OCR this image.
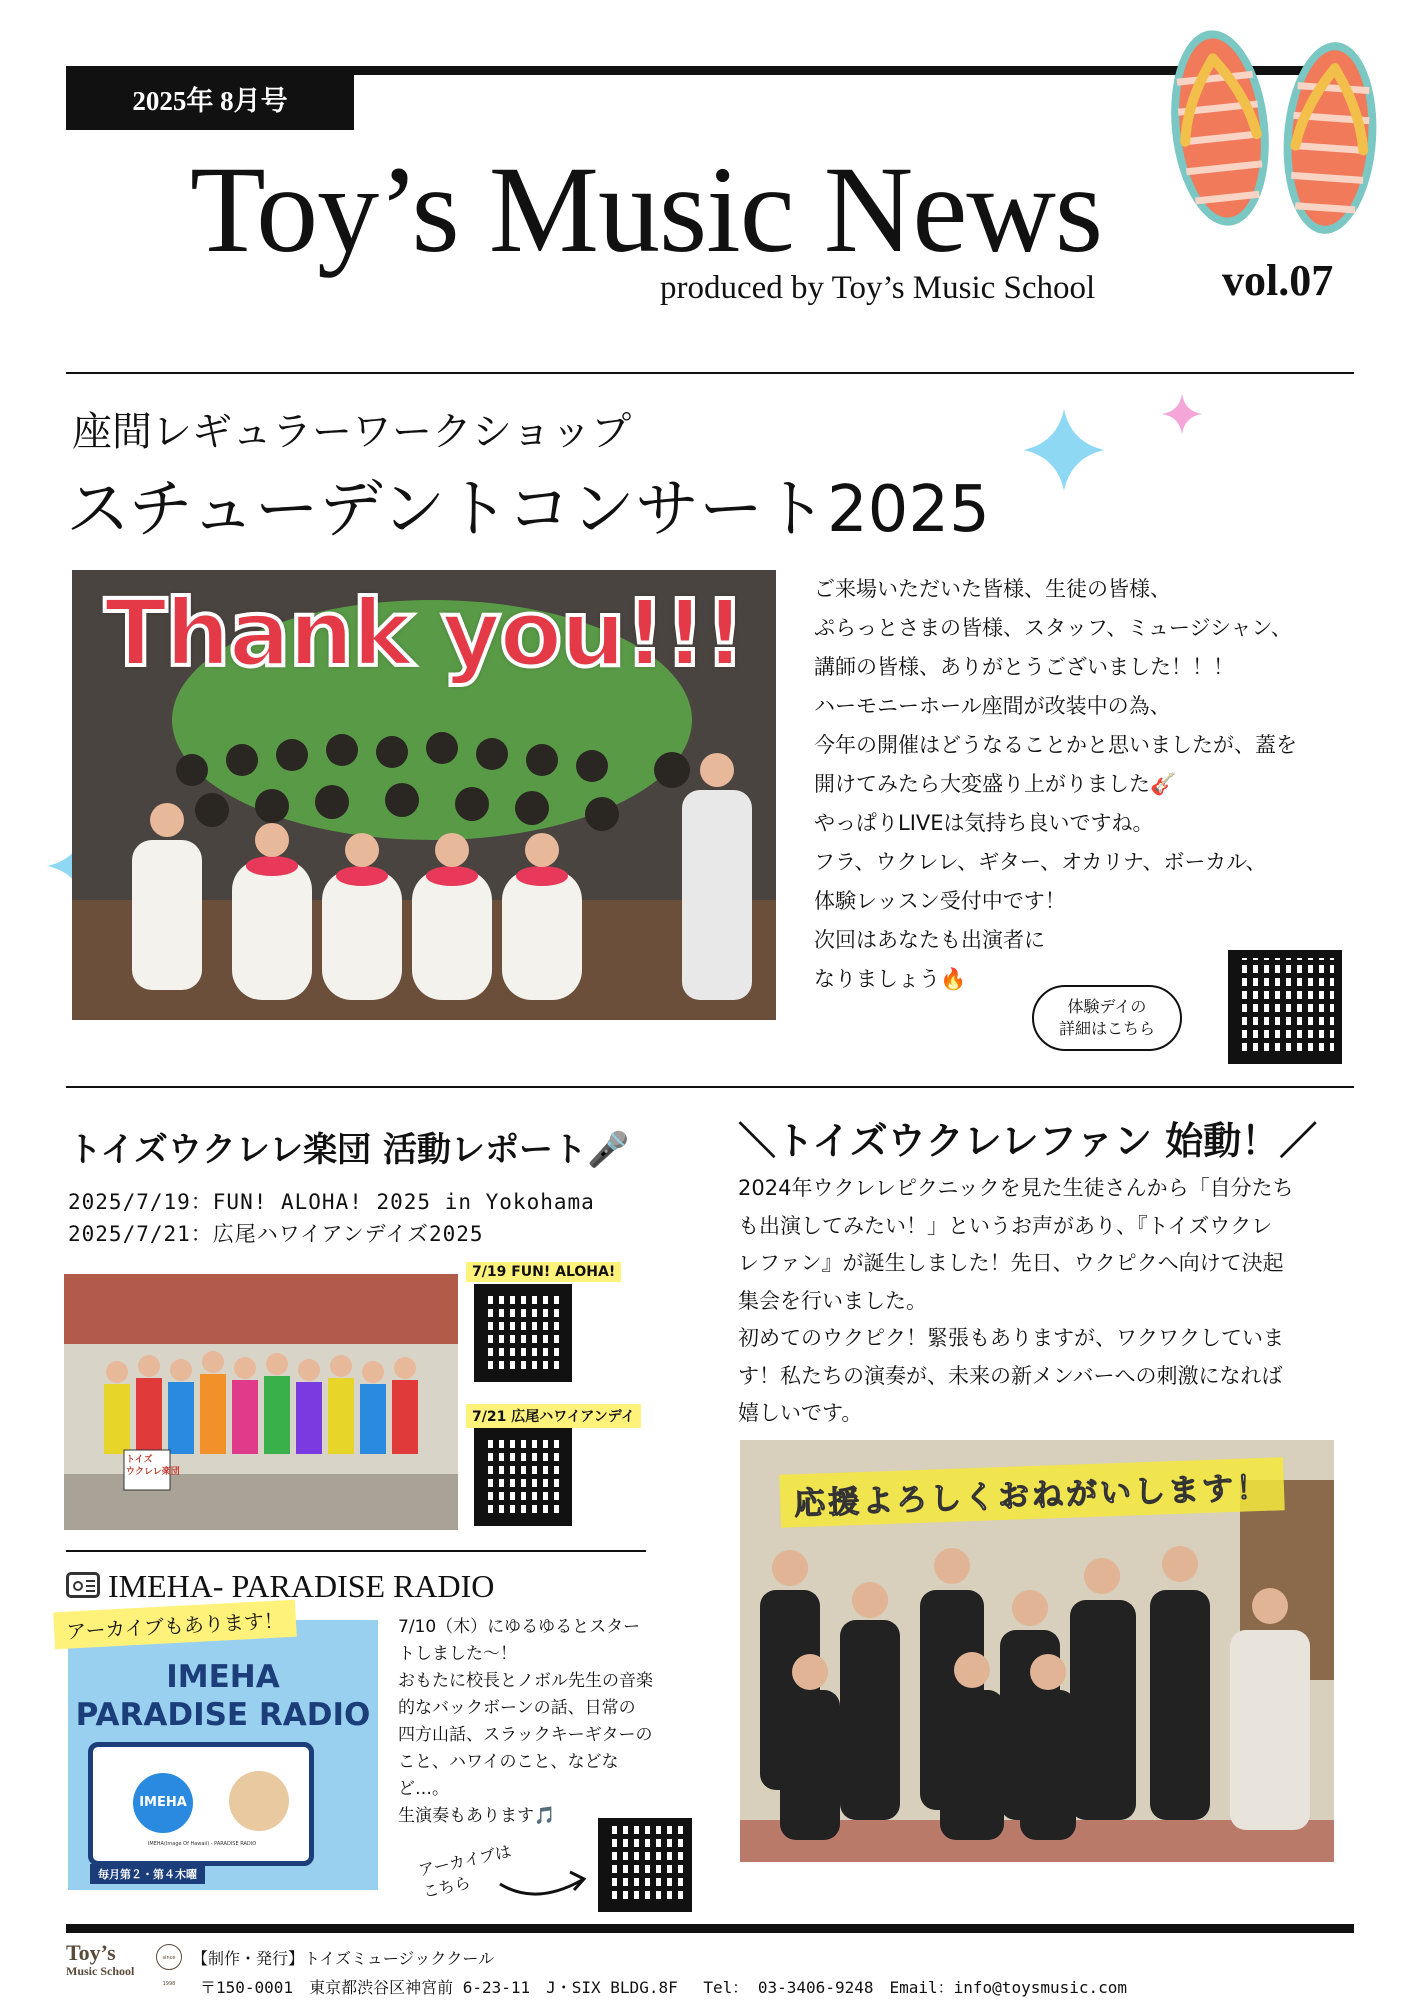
2025年 8月号
Toy’s Music News
produced by Toy’s Music School	vol.07
座間レギュラーワークショップ
スチューデントコンサート2025
Thank you!!!	ご来場いただいた皆様、生徒の皆様、

ぷらっとさまの皆様、スタッフ、ミュージシャン、

講師の皆様、ありがとうございました！！！

ハーモニーホール座間が改装中の為、

今年の開催はどうなることかと思いましたが、蓋を

開けてみたら大変盛り上がりました🎸

やっぱりLIVEは気持ち良いですね。

フラ、ウクレレ、ギター、オカリナ、ボーカル、

体験レッスン受付中です！

次回はあなたも出演者に

なりましょう🔥

体験デイの
詳細はこちら
トイズウクレレ楽団 活動レポート🎤
2025/7/19：FUN! ALOHA! 2025 in Yokohama
2025/7/21：広尾ハワイアンデイズ2025
トイズ
ウクレレ楽団
7/19 FUN! ALOHA!
7/21 広尾ハワイアンデイ
IMEHA- PARADISE RADIO
IMEHA
PARADISE RADIO
IMEHA
IMEHA(Image Of Hawaii) - PARADISE RADIO
毎月第２・第４木曜
アーカイブもあります！	7/10（木）にゆるゆるとスター

トしました〜！

おもたに校長とノボル先生の音楽

的なバックボーンの話、日常の

四方山話、スラックキーギターの

こと、ハワイのこと、などな

ど…。

生演奏もあります🎵

アーカイブは
こちら
＼トイズウクレレファン 始動！／

2024年ウクレレピクニックを見た生徒さんから「自分たち

も出演してみたい！」というお声があり、『トイズウクレ

レファン』が誕生しました！先日、ウクピクへ向けて決起

集会を行いました。

初めてのウクピク！緊張もありますが、ワクワクしていま

す！私たちの演奏が、未来の新メンバーへの刺激になれば

嬉しいです。

応援よろしくおねがいします！
Toy’s
Music School
since 1998
【制作・発行】トイズミュージッククール
〒150-0001　東京都渋谷区神宮前 6-23-11　J・SIX BLDG.8F　 Tel： 03-3406-9248　Email：info@toysmusic.com
